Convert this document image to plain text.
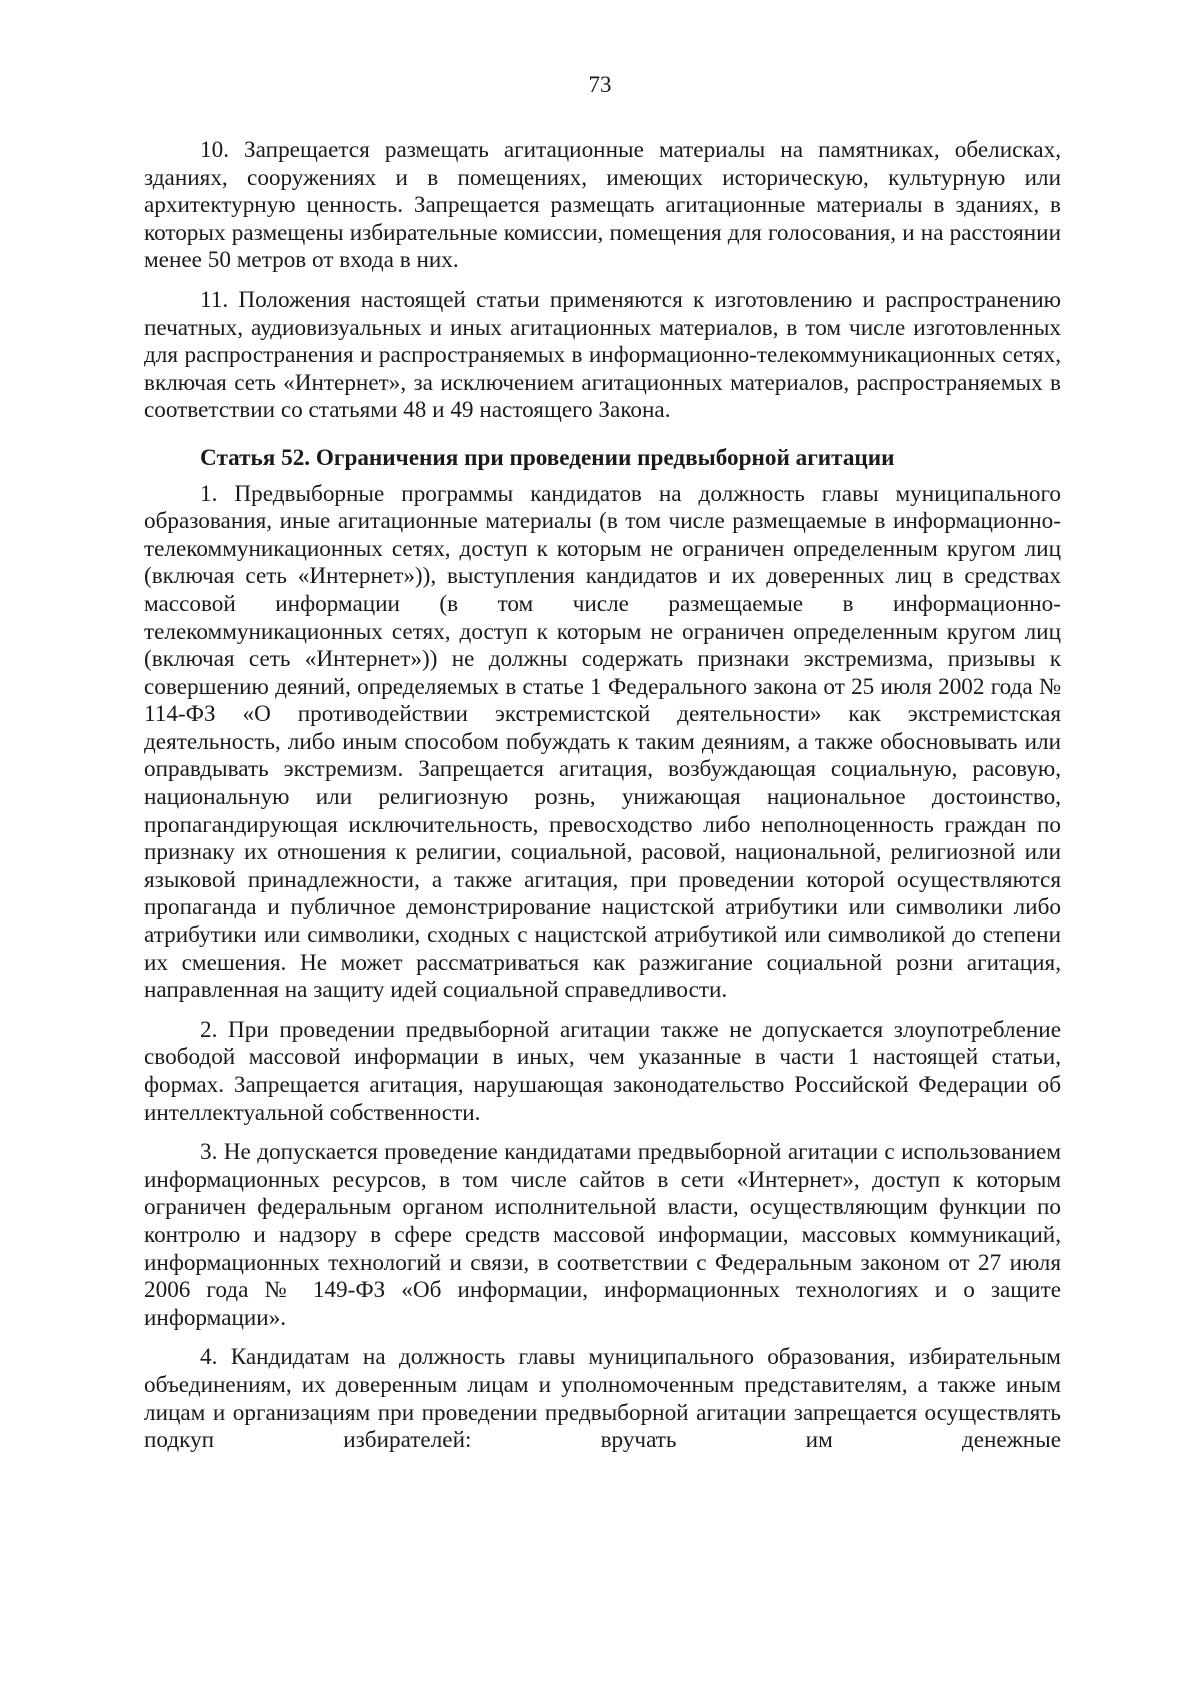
73

10. Запрещается размещать агитационные материалы на памятниках, обелисках, зданиях, сооружениях и в помещениях, имеющих историческую, культурную или архитектурную ценность. Запрещается размещать агитационные материалы в зданиях, в которых размещены избирательные комиссии, помещения для голосования, и на расстоянии менее 50 метров от входа в них.

11. Положения настоящей статьи применяются к изготовлению и распространению печатных, аудиовизуальных и иных агитационных материалов, в том числе изготовленных для распространения и распространяемых в информационно-телекоммуникационных сетях, включая сеть «Интернет», за исключением агитационных материалов, распространяемых в соответствии со статьями 48 и 49 настоящего Закона.

Статья 52. Ограничения при проведении предвыборной агитации

1. Предвыборные программы кандидатов на должность главы муниципального образования, иные агитационные материалы (в том числе размещаемые в информационно-телекоммуникационных сетях, доступ к которым не ограничен определенным кругом лиц (включая сеть «Интернет»)), выступления кандидатов и их доверенных лиц в средствах массовой информации (в том числе размещаемые в информационно-телекоммуникационных сетях, доступ к которым не ограничен определенным кругом лиц (включая сеть «Интернет»)) не должны содержать признаки экстремизма, призывы к совершению деяний, определяемых в статье 1 Федерального закона от 25 июля 2002 года № 114-ФЗ «О противодействии экстремистской деятельности» как экстремистская деятельность, либо иным способом побуждать к таким деяниям, а также обосновывать или оправдывать экстремизм. Запрещается агитация, возбуждающая социальную, расовую, национальную или религиозную рознь, унижающая национальное достоинство, пропагандирующая исключительность, превосходство либо неполноценность граждан по признаку их отношения к религии, социальной, расовой, национальной, религиозной или языковой принадлежности, а также агитация, при проведении которой осуществляются пропаганда и публичное демонстрирование нацистской атрибутики или символики либо атрибутики или символики, сходных с нацистской атрибутикой или символикой до степени их смешения. Не может рассматриваться как разжигание социальной розни агитация, направленная на защиту идей социальной справедливости.

2. При проведении предвыборной агитации также не допускается злоупотребление свободой массовой информации в иных, чем указанные в части 1 настоящей статьи, формах. Запрещается агитация, нарушающая законодательство Российской Федерации об интеллектуальной собственности.

3. Не допускается проведение кандидатами предвыборной агитации с использованием информационных ресурсов, в том числе сайтов в сети «Интернет», доступ к которым ограничен федеральным органом исполнительной власти, осуществляющим функции по контролю и надзору в сфере средств массовой информации, массовых коммуникаций, информационных технологий и связи, в соответствии с Федеральным законом от 27 июля 2006 года № 149-ФЗ «Об информации, информационных технологиях и о защите информации».

4. Кандидатам на должность главы муниципального образования, избирательным объединениям, их доверенным лицам и уполномоченным представителям, а также иным лицам и организациям при проведении предвыборной агитации запрещается осуществлять подкуп избирателей: вручать им денежные
